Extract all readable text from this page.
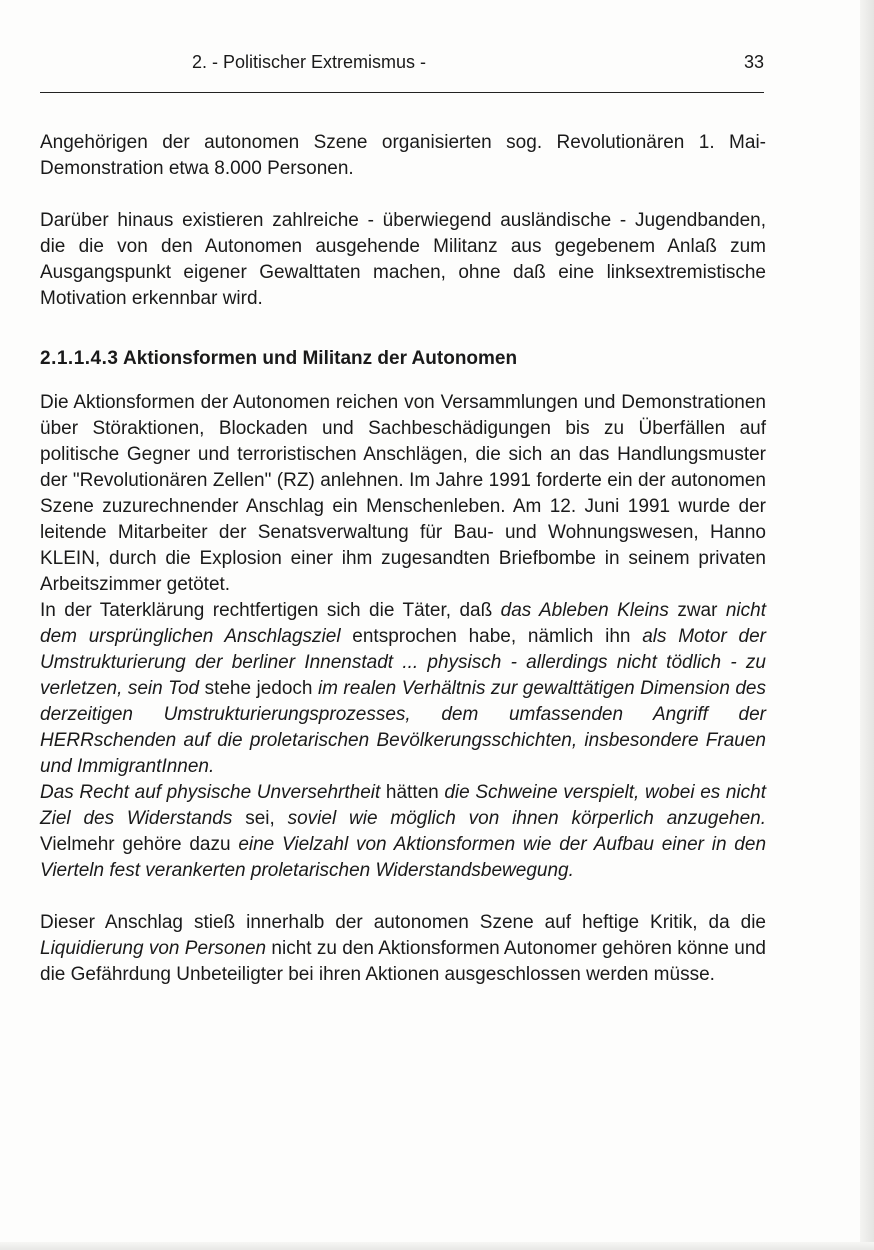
2. - Politischer Extremismus -	33

Angehörigen der autonomen Szene organisierten sog. Revolutionären 1. Mai-Demonstration etwa 8.000 Personen.

Darüber hinaus existieren zahlreiche - überwiegend ausländische - Jugendbanden, die die von den Autonomen ausgehende Militanz aus gegebenem Anlaß zum Ausgangspunkt eigener Gewalttaten machen, ohne daß eine linksextremistische Motivation erkennbar wird.

2.1.1.4.3 Aktionsformen und Militanz der Autonomen

Die Aktionsformen der Autonomen reichen von Versammlungen und Demonstrationen über Störaktionen, Blockaden und Sachbeschädigungen bis zu Überfällen auf politische Gegner und terroristischen Anschlägen, die sich an das Handlungsmuster der "Revolutionären Zellen" (RZ) anlehnen. Im Jahre 1991 forderte ein der autonomen Szene zuzurechnender Anschlag ein Menschenleben. Am 12. Juni 1991 wurde der leitende Mitarbeiter der Senatsverwaltung für Bau- und Wohnungswesen, Hanno KLEIN, durch die Explosion einer ihm zugesandten Briefbombe in seinem privaten Arbeitszimmer getötet.

In der Taterklärung rechtfertigen sich die Täter, daß das Ableben Kleins zwar nicht dem ursprünglichen Anschlagsziel entsprochen habe, nämlich ihn als Motor der Umstrukturierung der berliner Innenstadt ... physisch - allerdings nicht tödlich - zu verletzen, sein Tod stehe jedoch im realen Verhältnis zur gewalttätigen Dimension des derzeitigen Umstrukturierungsprozesses, dem umfassenden Angriff der HERRschenden auf die proletarischen Bevölkerungsschichten, insbesondere Frauen und ImmigrantInnen.

Das Recht auf physische Unversehrtheit hätten die Schweine verspielt, wobei es nicht Ziel des Widerstands sei, soviel wie möglich von ihnen körperlich anzugehen. Vielmehr gehöre dazu eine Vielzahl von Aktionsformen wie der Aufbau einer in den Vierteln fest verankerten proletarischen Widerstandsbewegung.

Dieser Anschlag stieß innerhalb der autonomen Szene auf heftige Kritik, da die Liquidierung von Personen nicht zu den Aktionsformen Autonomer gehören könne und die Gefährdung Unbeteiligter bei ihren Aktionen ausgeschlossen werden müsse.
